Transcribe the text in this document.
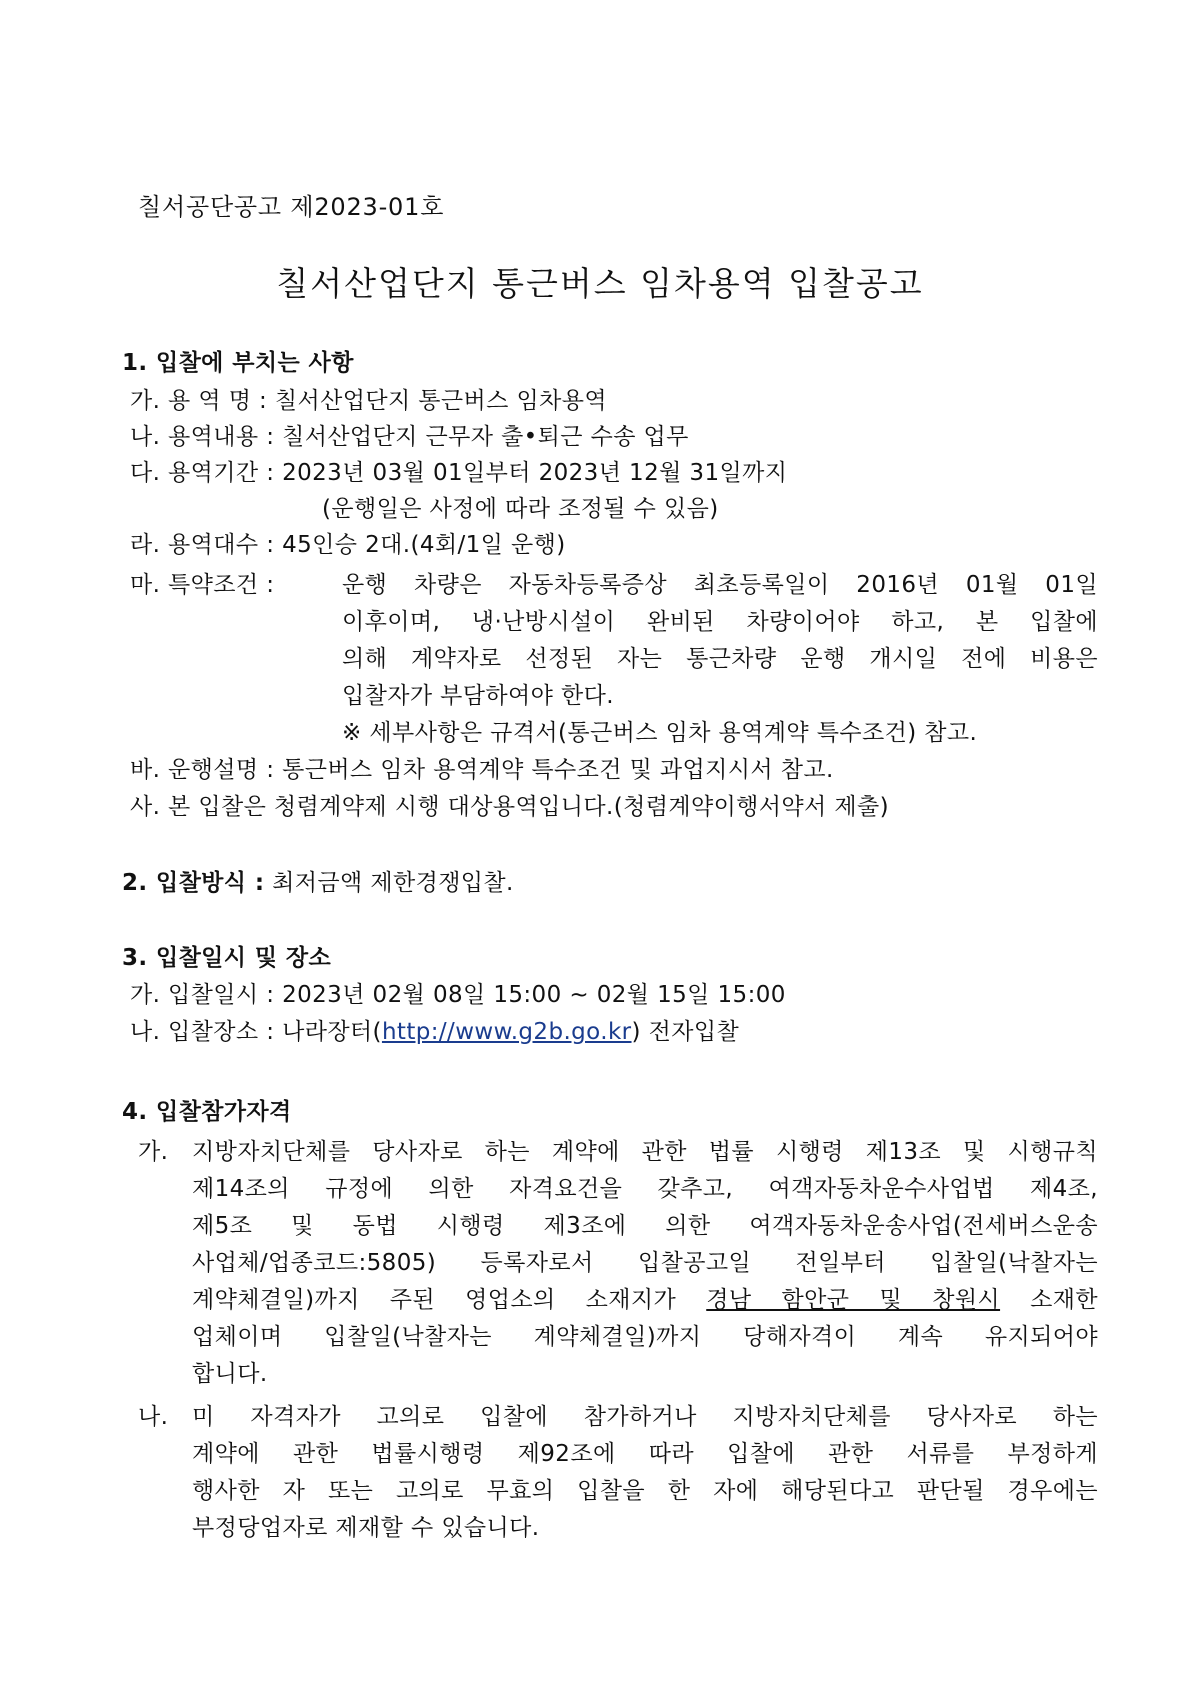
칠서공단공고 제2023-01호
칠서산업단지 통근버스 임차용역 입찰공고
1. 입찰에 부치는 사항
가. 용 역 명 : 칠서산업단지 통근버스 임차용역
나. 용역내용 : 칠서산업단지 근무자 출•퇴근 수송 업무
다. 용역기간 : 2023년 03월 01일부터 2023년 12월 31일까지
(운행일은 사정에 따라 조정될 수 있음)
라. 용역대수 : 45인승 2대.(4회/1일 운행)
마. 특약조건 :	운행 차량은 자동차등록증상 최초등록일이 2016년 01월 01일
이후이며, 냉·난방시설이 완비된 차량이어야 하고, 본 입찰에
의해 계약자로 선정된 자는 통근차량 운행 개시일 전에 비용은
입찰자가 부담하여야 한다.
※ 세부사항은 규격서(통근버스 임차 용역계약 특수조건) 참고.
바. 운행설명 : 통근버스 임차 용역계약 특수조건 및 과업지시서 참고.
사. 본 입찰은 청렴계약제 시행 대상용역입니다.(청렴계약이행서약서 제출)
2. 입찰방식 : 최저금액 제한경쟁입찰.
3. 입찰일시 및 장소
가. 입찰일시 : 2023년 02월 08일 15:00 ~ 02월 15일 15:00
나. 입찰장소 : 나라장터(http://www.g2b.go.kr) 전자입찰
4. 입찰참가자격
가. 지방자치단체를 당사자로 하는 계약에 관한 법률 시행령 제13조 및 시행규칙
제14조의 규정에 의한 자격요건을 갖추고, 여객자동차운수사업법 제4조,
제5조 및 동법 시행령 제3조에 의한 여객자동차운송사업(전세버스운송
사업체/업종코드:5805) 등록자로서 입찰공고일 전일부터 입찰일(낙찰자는
계약체결일)까지 주된 영업소의 소재지가 경남 함안군 및 창원시 소재한
업체이며 입찰일(낙찰자는 계약체결일)까지 당해자격이 계속 유지되어야
합니다.
나. 미 자격자가 고의로 입찰에 참가하거나 지방자치단체를 당사자로 하는
계약에 관한 법률시행령 제92조에 따라 입찰에 관한 서류를 부정하게
행사한 자 또는 고의로 무효의 입찰을 한 자에 해당된다고 판단될 경우에는
부정당업자로 제재할 수 있습니다.
